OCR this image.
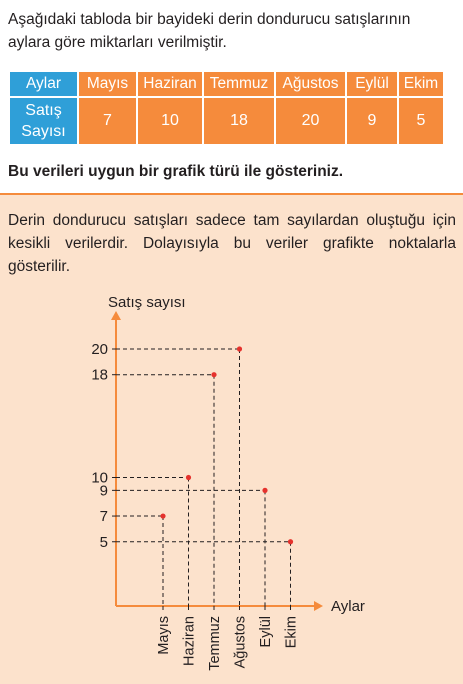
Aşağıdaki tabloda bir bayideki derin dondurucu satışlarının aylara göre miktarları verilmiştir.

Aylar	Mayıs	Haziran	Temmuz	Ağustos	Eylül	Ekim
Satış Sayısı	7	10	18	20	9	5

Bu verileri uygun bir grafik türü ile gösteriniz.

Derin dondurucu satışları sadece tam sayılardan oluştuğu için kesikli verilerdir. Dolayısıyla bu veriler grafikte noktalarla gösterilir.

Satış sayısı
Aylar
5
7
9
10
18
20
Mayıs Haziran Temmuz Ağustos Eylül Ekim
